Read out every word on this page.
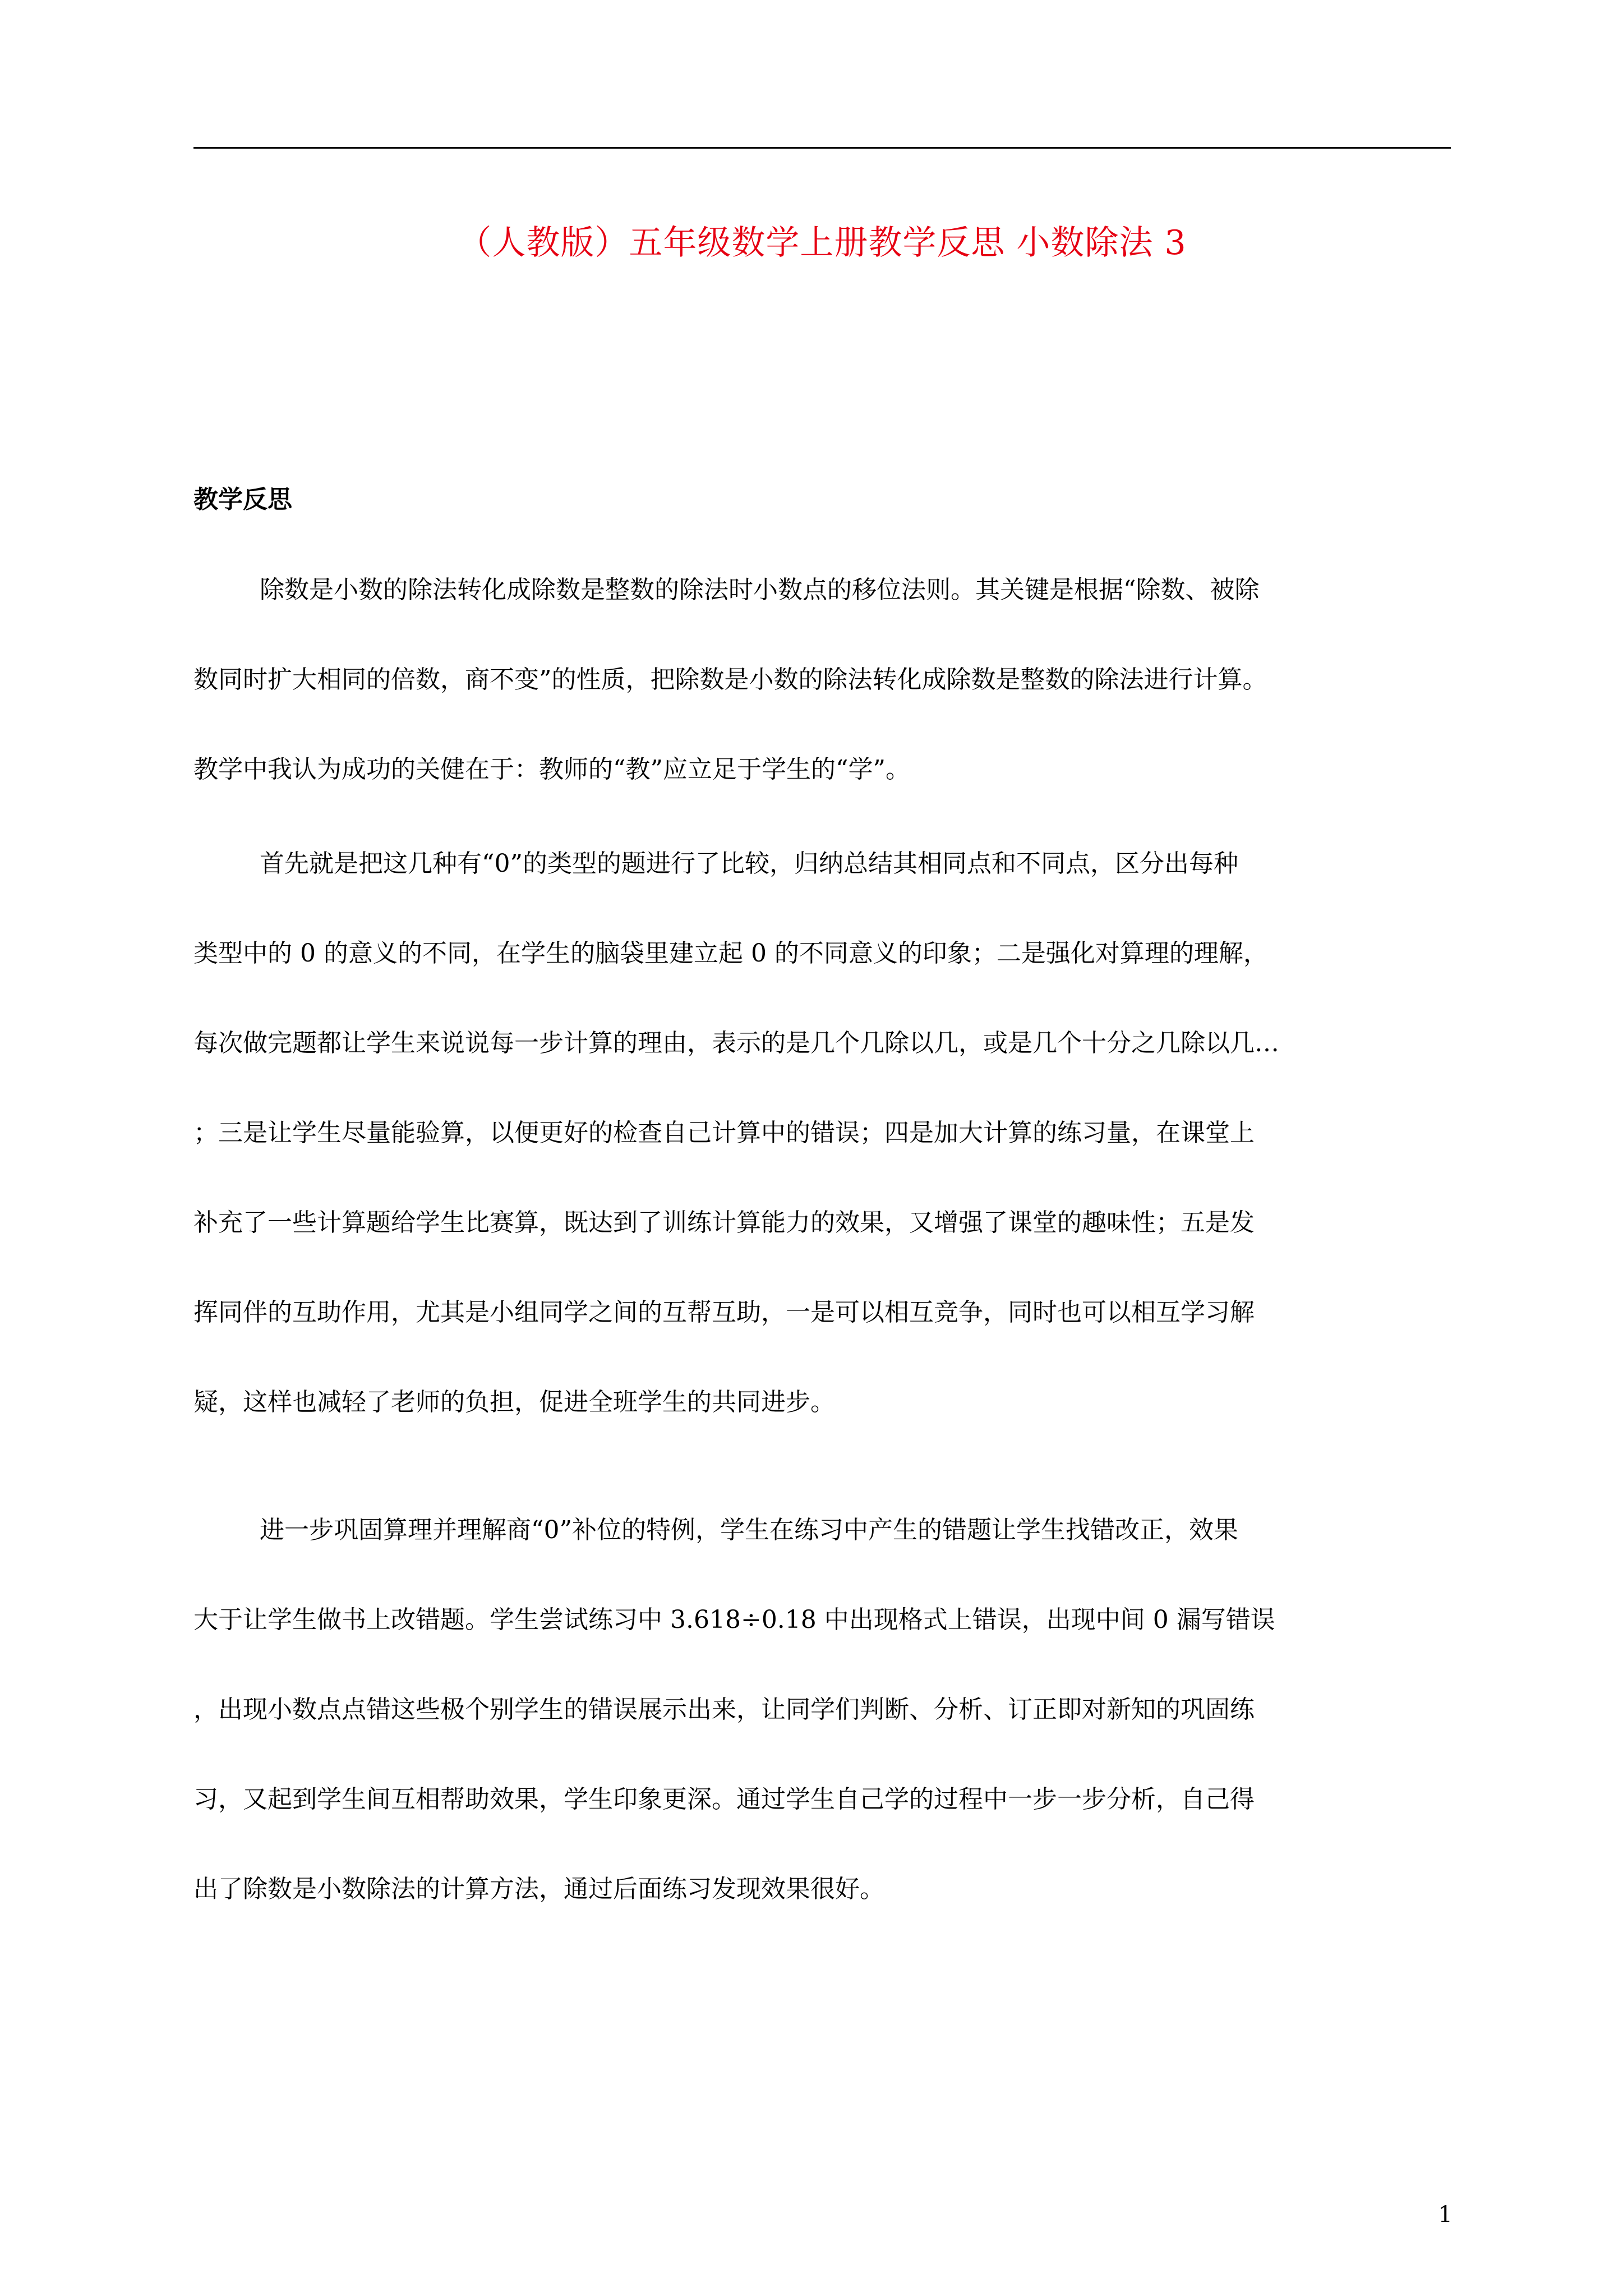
（人教版）五年级数学上册教学反思 小数除法 3
教学反思
除数是小数的除法转化成除数是整数的除法时小数点的移位法则。其关键是根据“除数、被除
数同时扩大相同的倍数，商不变”的性质，把除数是小数的除法转化成除数是整数的除法进行计算。
教学中我认为成功的关健在于：教师的“教”应立足于学生的“学”。
首先就是把这几种有“0”的类型的题进行了比较，归纳总结其相同点和不同点，区分出每种
类型中的 0 的意义的不同，在学生的脑袋里建立起 0 的不同意义的印象；二是强化对算理的理解，
每次做完题都让学生来说说每一步计算的理由，表示的是几个几除以几，或是几个十分之几除以几…
；三是让学生尽量能验算，以便更好的检查自己计算中的错误；四是加大计算的练习量，在课堂上
补充了一些计算题给学生比赛算，既达到了训练计算能力的效果，又增强了课堂的趣味性；五是发
挥同伴的互助作用，尤其是小组同学之间的互帮互助，一是可以相互竞争，同时也可以相互学习解
疑，这样也减轻了老师的负担，促进全班学生的共同进步。
进一步巩固算理并理解商“0”补位的特例，学生在练习中产生的错题让学生找错改正，效果
大于让学生做书上改错题。学生尝试练习中 3.618÷0.18 中出现格式上错误，出现中间 0 漏写错误
，出现小数点点错这些极个别学生的错误展示出来，让同学们判断、分析、订正即对新知的巩固练
习，又起到学生间互相帮助效果，学生印象更深。通过学生自己学的过程中一步一步分析，自己得
出了除数是小数除法的计算方法，通过后面练习发现效果很好。
1
